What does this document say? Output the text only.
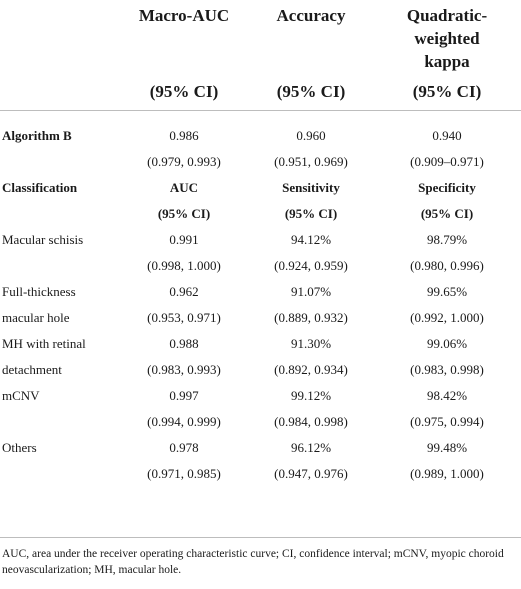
	Macro-AUC	Accuracy	Quadratic-
weighted
kappa

	(95% CI)	(95% CI)	(95% CI)

Algorithm B	0.986	0.960	0.940
	(0.979, 0.993)	(0.951, 0.969)	(0.909–0.971)
Classification	AUC	Sensitivity	Specificity
	(95% CI)	(95% CI)	(95% CI)
Macular schisis	0.991	94.12%	98.79%
	(0.998, 1.000)	(0.924, 0.959)	(0.980, 0.996)
Full-thickness	0.962	91.07%	99.65%
macular hole	(0.953, 0.971)	(0.889, 0.932)	(0.992, 1.000)
MH with retinal	0.988	91.30%	99.06%
detachment	(0.983, 0.993)	(0.892, 0.934)	(0.983, 0.998)
mCNV	0.997	99.12%	98.42%
	(0.994, 0.999)	(0.984, 0.998)	(0.975, 0.994)
Others	0.978	96.12%	99.48%
	(0.971, 0.985)	(0.947, 0.976)	(0.989, 1.000)
AUC, area under the receiver operating characteristic curve; CI, confidence interval; mCNV, myopic choroid neovascularization; MH, macular hole.
